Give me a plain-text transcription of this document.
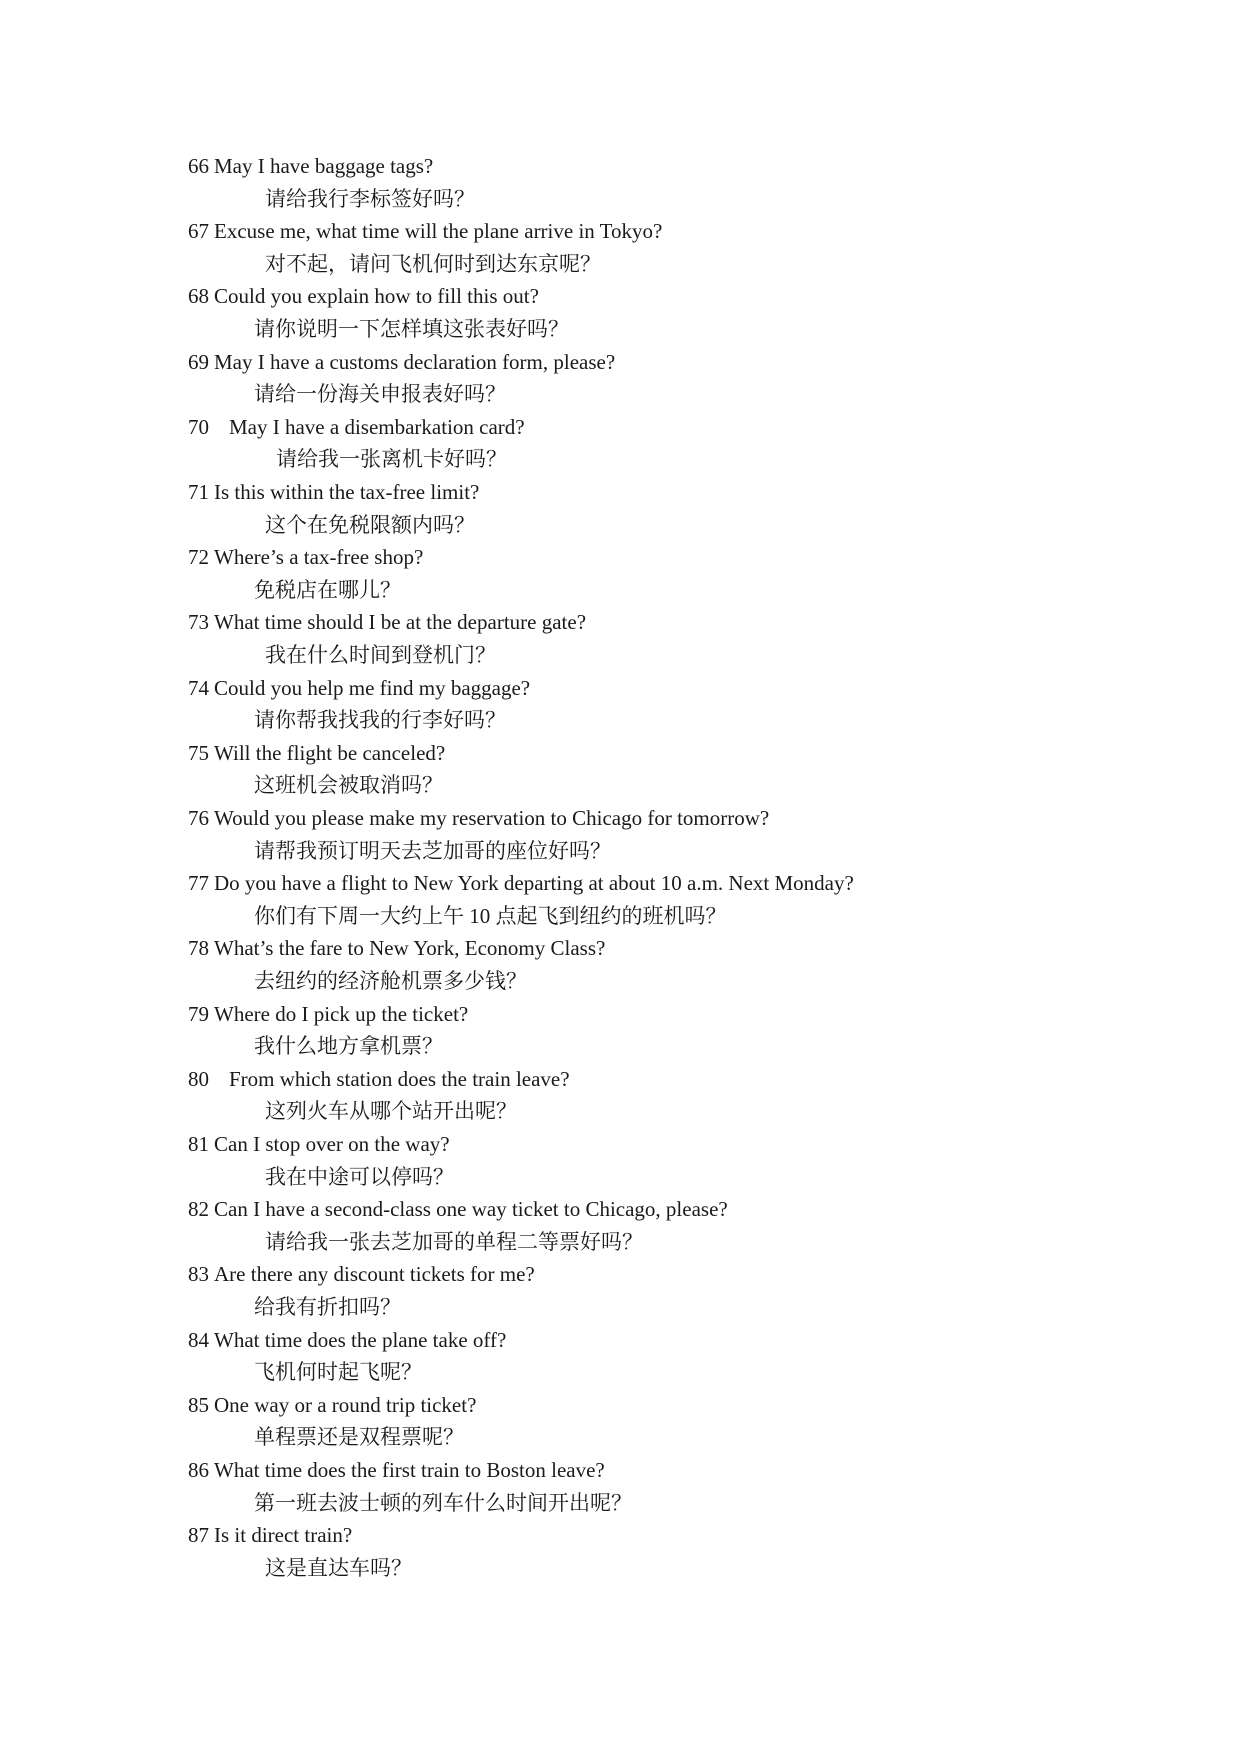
66 May I have baggage tags?
请给我行李标签好吗？
67 Excuse me, what time will the plane arrive in Tokyo?
对不起，请问飞机何时到达东京呢？
68 Could you explain how to fill this out?
请你说明一下怎样填这张表好吗？
69 May I have a customs declaration form, please?
请给一份海关申报表好吗？
70 May I have a disembarkation card?
请给我一张离机卡好吗？
71 Is this within the tax-free limit?
这个在免税限额内吗？
72 Where’s a tax-free shop?
免税店在哪儿？
73 What time should I be at the departure gate?
我在什么时间到登机门？
74 Could you help me find my baggage?
请你帮我找我的行李好吗？
75 Will the flight be canceled?
这班机会被取消吗？
76 Would you please make my reservation to Chicago for tomorrow?
请帮我预订明天去芝加哥的座位好吗？
77 Do you have a flight to New York departing at about 10 a.m. Next Monday?
你们有下周一大约上午 10 点起飞到纽约的班机吗？
78 What’s the fare to New York, Economy Class?
去纽约的经济舱机票多少钱？
79 Where do I pick up the ticket?
我什么地方拿机票？
80 From which station does the train leave?
这列火车从哪个站开出呢？
81 Can I stop over on the way?
我在中途可以停吗？
82 Can I have a second-class one way ticket to Chicago, please?
请给我一张去芝加哥的单程二等票好吗？
83 Are there any discount tickets for me?
给我有折扣吗？
84 What time does the plane take off?
飞机何时起飞呢？
85 One way or a round trip ticket?
单程票还是双程票呢？
86 What time does the first train to Boston leave?
第一班去波士顿的列车什么时间开出呢？
87 Is it direct train?
这是直达车吗？
